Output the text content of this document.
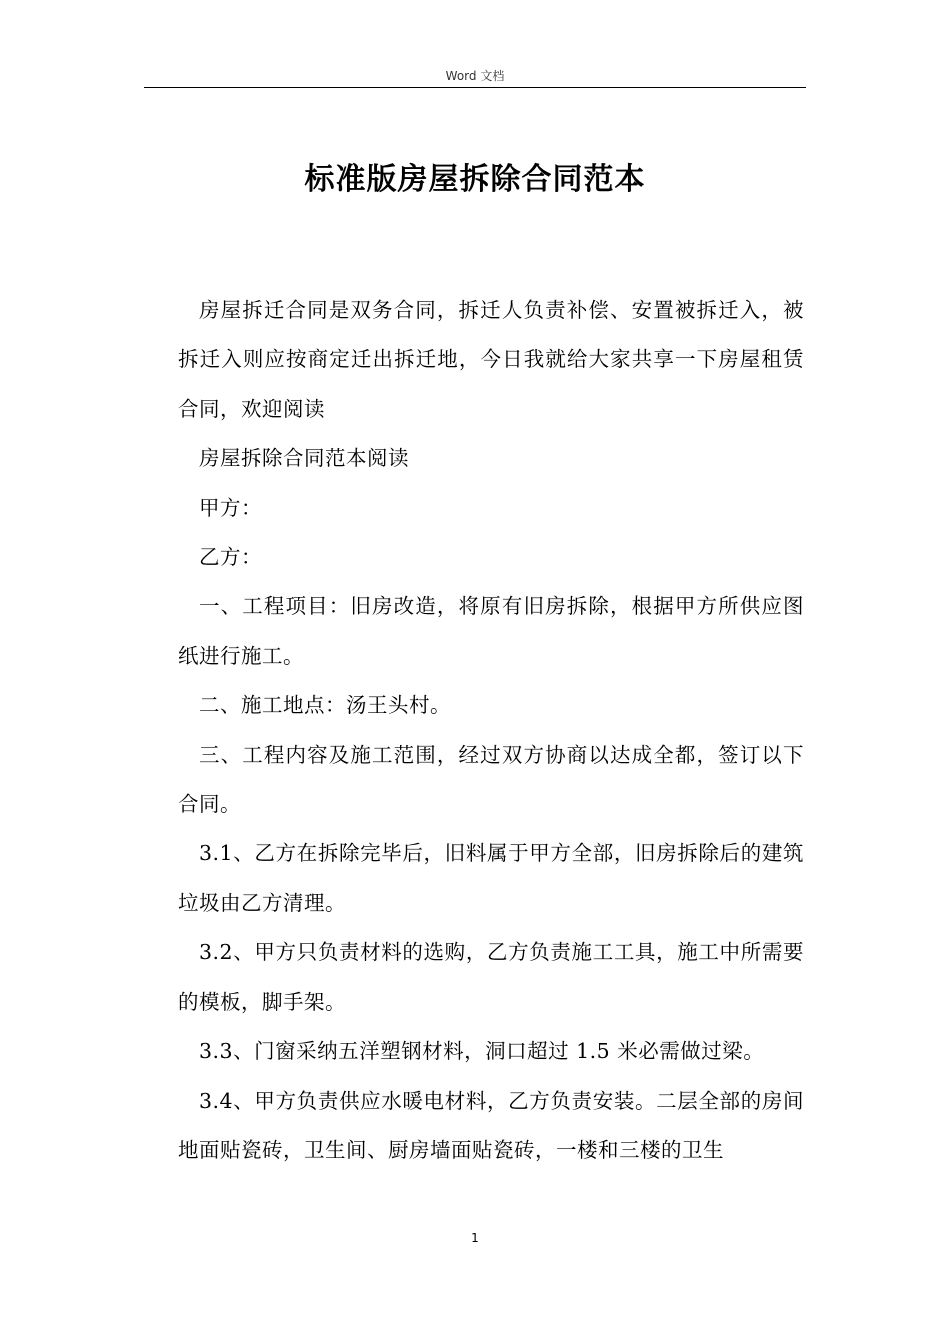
Word 文档
标准版房屋拆除合同范本

房屋拆迁合同是双务合同，拆迁人负责补偿、安置被拆迁入，被拆迁入则应按商定迁出拆迁地，今日我就给大家共享一下房屋租赁合同，欢迎阅读

房屋拆除合同范本阅读

甲方：

乙方：

一、工程项目：旧房改造，将原有旧房拆除，根据甲方所供应图纸进行施工。

二、施工地点：汤王头村。

三、工程内容及施工范围，经过双方协商以达成全都，签订以下合同。

3.1、乙方在拆除完毕后，旧料属于甲方全部，旧房拆除后的建筑垃圾由乙方清理。

3.2、甲方只负责材料的选购，乙方负责施工工具，施工中所需要的模板，脚手架。

3.3、门窗采纳五洋塑钢材料，洞口超过 1.5 米必需做过梁。

3.4、甲方负责供应水暖电材料，乙方负责安装。二层全部的房间地面贴瓷砖，卫生间、厨房墙面贴瓷砖，一楼和三楼的卫生

1
